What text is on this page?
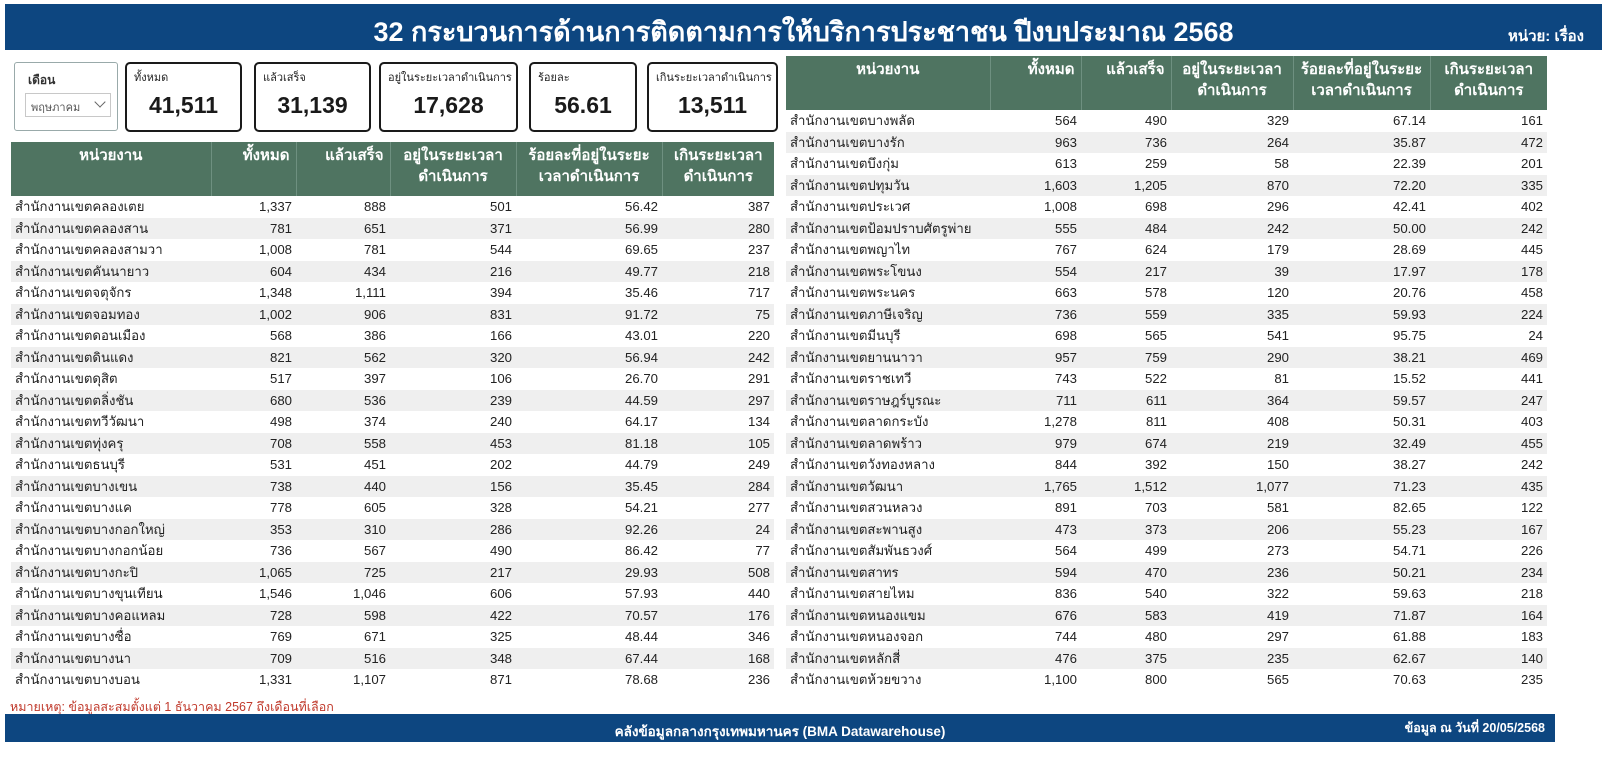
32 กระบวนการด้านการติดตามการให้บริการประชาชน ปีงบประมาณ 2568	หน่วย: เรื่อง
เดือน
พฤษภาคม
ทั้งหมด
41,511
แล้วเสร็จ
31,139
อยู่ในระยะเวลาดำเนินการ
17,628
ร้อยละ
56.61
เกินระยะเวลาดำเนินการ
13,511
หน่วยงาน	ทั้งหมด	แล้วเสร็จ	อยู่ในระยะเวลาดำเนินการ	ร้อยละที่อยู่ในระยะเวลาดำเนินการ	เกินระยะเวลาดำเนินการ
สำนักงานเขตคลองเตย	1,337	888	501	56.42	387
สำนักงานเขตคลองสาน	781	651	371	56.99	280
สำนักงานเขตคลองสามวา	1,008	781	544	69.65	237
สำนักงานเขตคันนายาว	604	434	216	49.77	218
สำนักงานเขตจตุจักร	1,348	1,111	394	35.46	717
สำนักงานเขตจอมทอง	1,002	906	831	91.72	75
สำนักงานเขตดอนเมือง	568	386	166	43.01	220
สำนักงานเขตดินแดง	821	562	320	56.94	242
สำนักงานเขตดุสิต	517	397	106	26.70	291
สำนักงานเขตตลิ่งชัน	680	536	239	44.59	297
สำนักงานเขตทวีวัฒนา	498	374	240	64.17	134
สำนักงานเขตทุ่งครุ	708	558	453	81.18	105
สำนักงานเขตธนบุรี	531	451	202	44.79	249
สำนักงานเขตบางเขน	738	440	156	35.45	284
สำนักงานเขตบางแค	778	605	328	54.21	277
สำนักงานเขตบางกอกใหญ่	353	310	286	92.26	24
สำนักงานเขตบางกอกน้อย	736	567	490	86.42	77
สำนักงานเขตบางกะปิ	1,065	725	217	29.93	508
สำนักงานเขตบางขุนเทียน	1,546	1,046	606	57.93	440
สำนักงานเขตบางคอแหลม	728	598	422	70.57	176
สำนักงานเขตบางซื่อ	769	671	325	48.44	346
สำนักงานเขตบางนา	709	516	348	67.44	168
สำนักงานเขตบางบอน	1,331	1,107	871	78.68	236
หน่วยงาน	ทั้งหมด	แล้วเสร็จ	อยู่ในระยะเวลาดำเนินการ	ร้อยละที่อยู่ในระยะเวลาดำเนินการ	เกินระยะเวลาดำเนินการ
สำนักงานเขตบางพลัด	564	490	329	67.14	161
สำนักงานเขตบางรัก	963	736	264	35.87	472
สำนักงานเขตบึงกุ่ม	613	259	58	22.39	201
สำนักงานเขตปทุมวัน	1,603	1,205	870	72.20	335
สำนักงานเขตประเวศ	1,008	698	296	42.41	402
สำนักงานเขตป้อมปราบศัตรูพ่าย	555	484	242	50.00	242
สำนักงานเขตพญาไท	767	624	179	28.69	445
สำนักงานเขตพระโขนง	554	217	39	17.97	178
สำนักงานเขตพระนคร	663	578	120	20.76	458
สำนักงานเขตภาษีเจริญ	736	559	335	59.93	224
สำนักงานเขตมีนบุรี	698	565	541	95.75	24
สำนักงานเขตยานนาวา	957	759	290	38.21	469
สำนักงานเขตราชเทวี	743	522	81	15.52	441
สำนักงานเขตราษฎร์บูรณะ	711	611	364	59.57	247
สำนักงานเขตลาดกระบัง	1,278	811	408	50.31	403
สำนักงานเขตลาดพร้าว	979	674	219	32.49	455
สำนักงานเขตวังทองหลาง	844	392	150	38.27	242
สำนักงานเขตวัฒนา	1,765	1,512	1,077	71.23	435
สำนักงานเขตสวนหลวง	891	703	581	82.65	122
สำนักงานเขตสะพานสูง	473	373	206	55.23	167
สำนักงานเขตสัมพันธวงศ์	564	499	273	54.71	226
สำนักงานเขตสาทร	594	470	236	50.21	234
สำนักงานเขตสายไหม	836	540	322	59.63	218
สำนักงานเขตหนองแขม	676	583	419	71.87	164
สำนักงานเขตหนองจอก	744	480	297	61.88	183
สำนักงานเขตหลักสี่	476	375	235	62.67	140
สำนักงานเขตห้วยขวาง	1,100	800	565	70.63	235
หมายเหตุ: ข้อมูลสะสมตั้งแต่ 1 ธันวาคม 2567 ถึงเดือนที่เลือก
คลังข้อมูลกลางกรุงเทพมหานคร (BMA Datawarehouse)	ข้อมูล ณ วันที่ 20/05/2568
